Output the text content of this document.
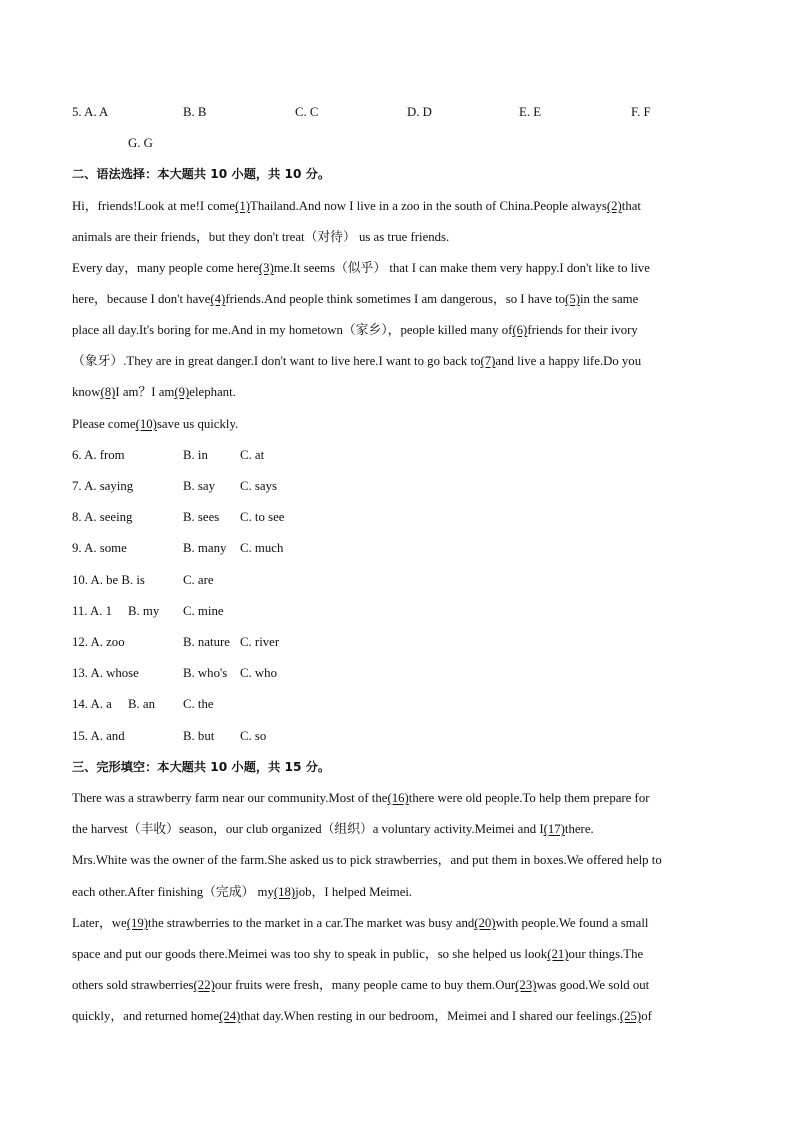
5. A. A	B. B	C. C	D. D	E. E	F. F
G. G
二、语法选择：本大题共 10 小题，共 10 分。
Hi，friends!Look at me!I come(1)Thailand.And now I live in a zoo in the south of China.People always(2)that
animals are their friends，but they don't treat（对待） us as true friends.
Every day，many people come here(3)me.It seems（似乎） that I can make them very happy.I don't like to live
here，because I don't have(4)friends.And people think sometimes I am dangerous，so I have to(5)in the same
place all day.It's boring for me.And in my hometown（家乡），people killed many of(6)friends for their ivory
（象牙）.They are in great danger.I don't want to live here.I want to go back to(7)and live a happy life.Do you
know(8)I am？I am(9)elephant.
Please come(10)save us quickly.
6. A. from	B. in	C. at
7. A. saying	B. say C. says
8. A. seeing	B. sees C. to see
9. A. some	B. many C. much
10. A. be B. is	C. are
11. A. 1 B. my C. mine
12. A. zoo	B. nature C. river
13. A. whose	B. who's C. who
14. A. a B. an C. the
15. A. and	B. but C. so
三、完形填空：本大题共 10 小题，共 15 分。
There was a strawberry farm near our community.Most of the(16)there were old people.To help them prepare for
the harvest（丰收）season，our club organized（组织）a voluntary activity.Meimei and I(17)there.
Mrs.White was the owner of the farm.She asked us to pick strawberries，and put them in boxes.We offered help to
each other.After finishing（完成） my(18)job，I helped Meimei.
Later，we(19)the strawberries to the market in a car.The market was busy and(20)with people.We found a small
space and put our goods there.Meimei was too shy to speak in public，so she helped us look(21)our things.The
others sold strawberries(22)our fruits were fresh，many people came to buy them.Our(23)was good.We sold out
quickly，and returned home(24)that day.When resting in our bedroom，Meimei and I shared our feelings.(25)of
